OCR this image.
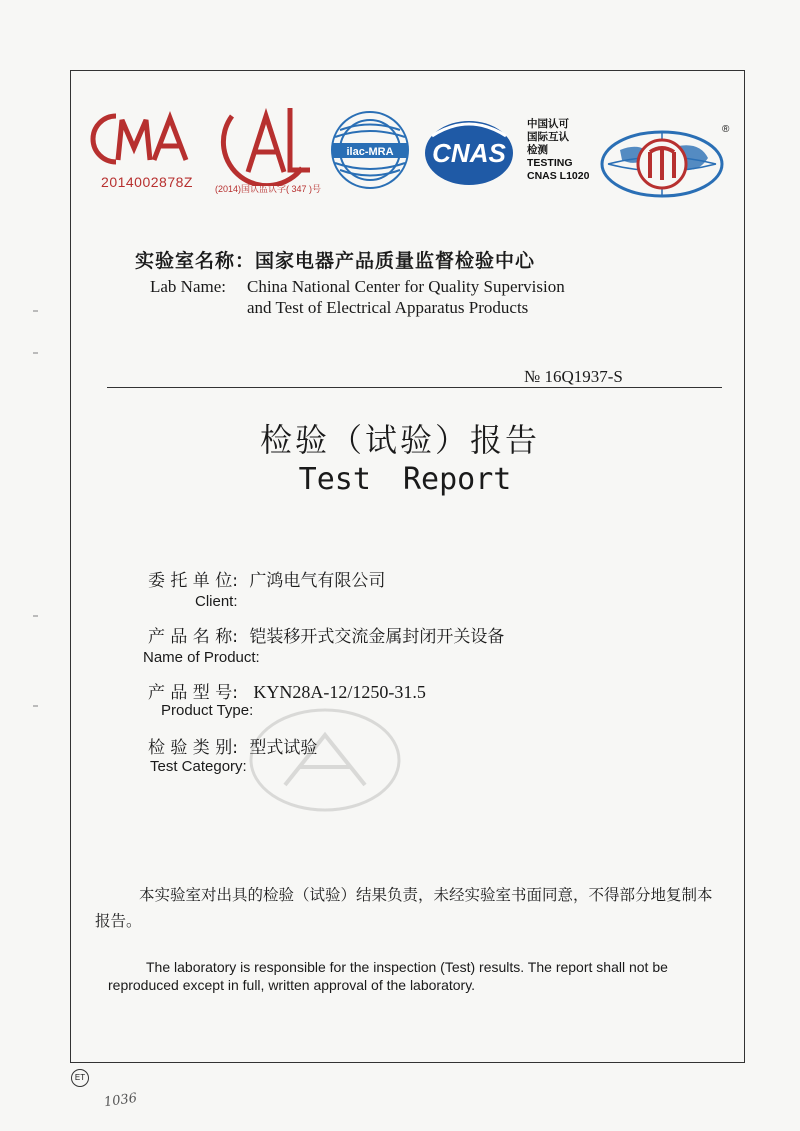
2014002878Z	(2014)国认监认字( 347 )号
ilac-MRA CNAS
中国认可
国际互认
检测
TESTING
CNAS L1020
®
实验室名称：国家电器产品质量监督检验中心
Lab Name: China National Center for Quality Supervision
and Test of Electrical Apparatus Products
№ 16Q1937-S
检验（试验）报告
Test Report
委 托 单 位: 广鸿电气有限公司
Client:
产 品 名 称: 铠装移开式交流金属封闭开关设备
Name of Product:
产 品 型 号: KYN28A-12/1250-31.5
Product Type:
检 验 类 别: 型式试验
Test Category:
本实验室对出具的检验（试验）结果负责，未经实验室书面同意，不得部分地复制本报告。
The laboratory is responsible for the inspection (Test) results. The report shall not be reproduced except in full, written approval of the laboratory.
ET
1036
